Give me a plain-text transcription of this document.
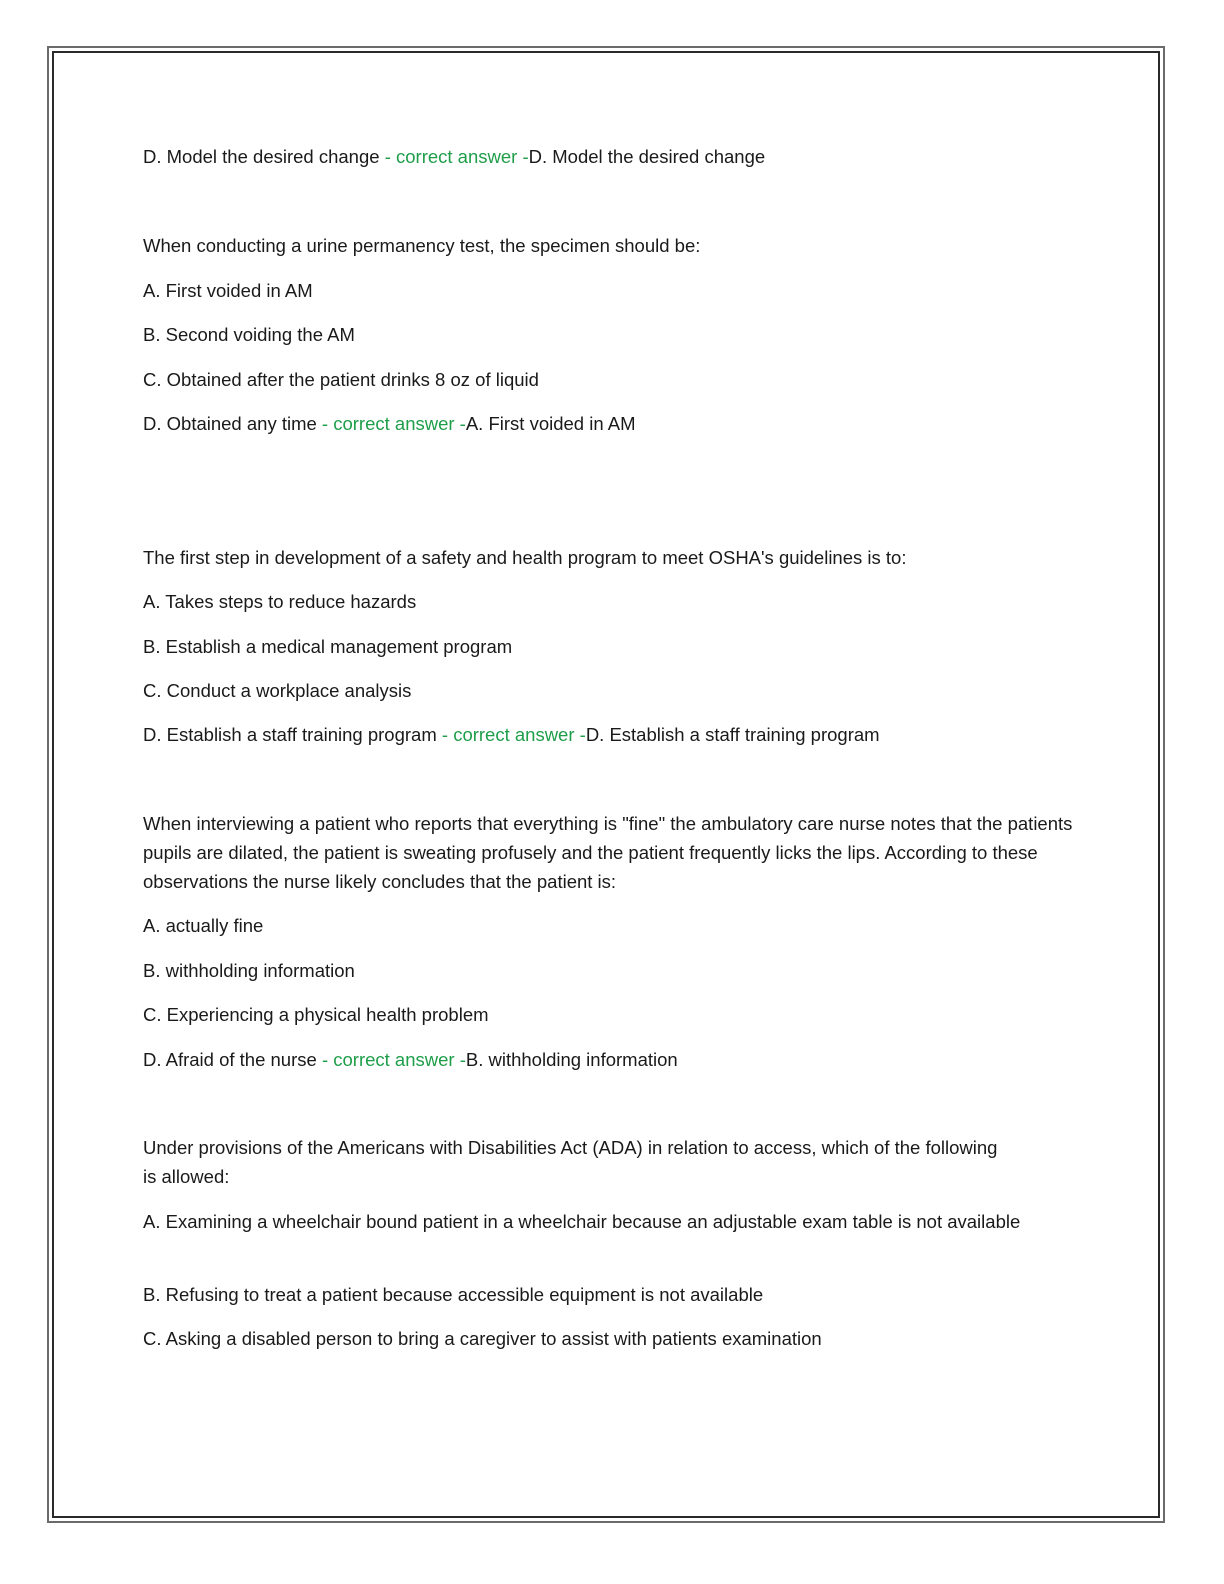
D. Model the desired change - correct answer -D. Model the desired change
When conducting a urine permanency test, the specimen should be:
A. First voided in AM
B. Second voiding the AM
C. Obtained after the patient drinks 8 oz of liquid
D. Obtained any time - correct answer -A. First voided in AM
The first step in development of a safety and health program to meet OSHA's guidelines is to:
A. Takes steps to reduce hazards
B. Establish a medical management program
C. Conduct a workplace analysis
D. Establish a staff training program - correct answer -D. Establish a staff training program
When interviewing a patient who reports that everything is "fine" the ambulatory care nurse notes that the patients pupils are dilated, the patient is sweating profusely and the patient frequently licks the lips. According to these observations the nurse likely concludes that the patient is:
A. actually fine
B. withholding information
C. Experiencing a physical health problem
D. Afraid of the nurse - correct answer -B. withholding information
Under provisions of the Americans with Disabilities Act (ADA) in relation to access, which of the following is allowed:
A. Examining a wheelchair bound patient in a wheelchair because an adjustable exam table is not available
B. Refusing to treat a patient because accessible equipment is not available
C. Asking a disabled person to bring a caregiver to assist with patients examination
